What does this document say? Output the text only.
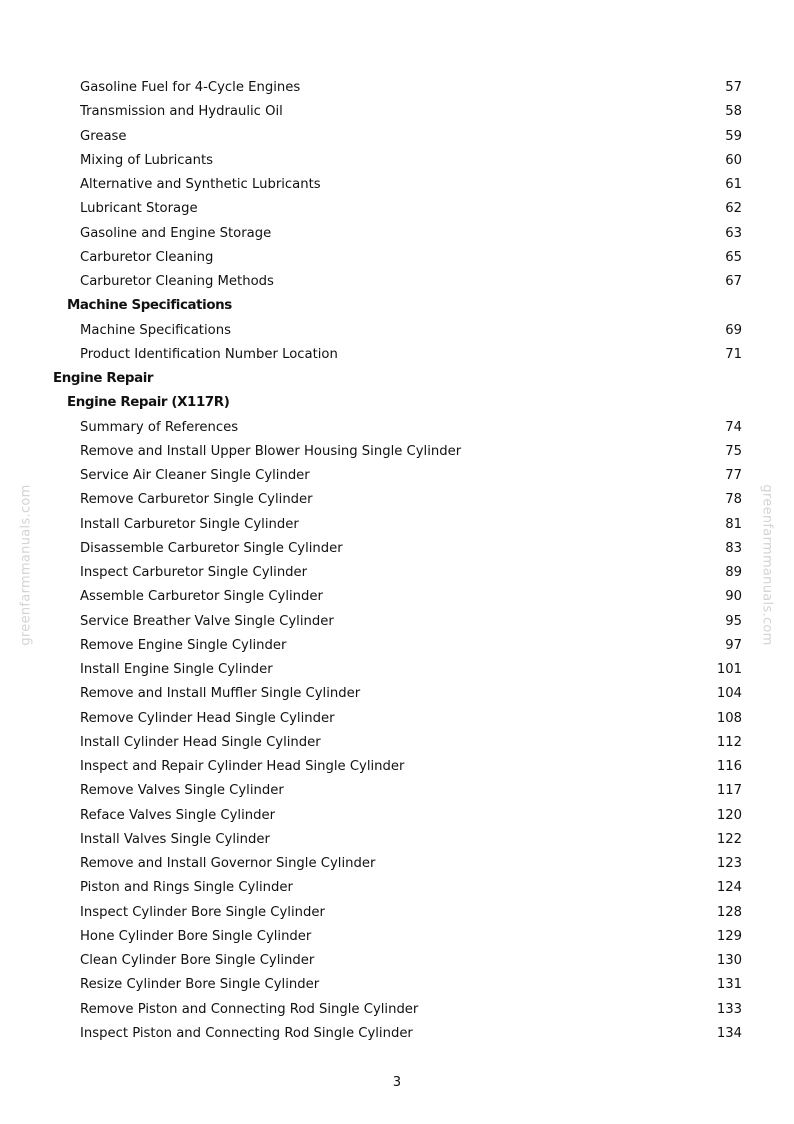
Gasoline Fuel for 4-Cycle Engines	57
Transmission and Hydraulic Oil	58
Grease	59
Mixing of Lubricants	60
Alternative and Synthetic Lubricants	61
Lubricant Storage	62
Gasoline and Engine Storage	63
Carburetor Cleaning	65
Carburetor Cleaning Methods	67
Machine Specifications
Machine Specifications	69
Product Identification Number Location	71
Engine Repair
Engine Repair (X117R)
Summary of References	74
Remove and Install Upper Blower Housing Single Cylinder	75
Service Air Cleaner Single Cylinder	77
Remove Carburetor Single Cylinder	78
Install Carburetor Single Cylinder	81
Disassemble Carburetor Single Cylinder	83
Inspect Carburetor Single Cylinder	89
Assemble Carburetor Single Cylinder	90
Service Breather Valve Single Cylinder	95
Remove Engine Single Cylinder	97
Install Engine Single Cylinder	101
Remove and Install Muffler Single Cylinder	104
Remove Cylinder Head Single Cylinder	108
Install Cylinder Head Single Cylinder	112
Inspect and Repair Cylinder Head Single Cylinder	116
Remove Valves Single Cylinder	117
Reface Valves Single Cylinder	120
Install Valves Single Cylinder	122
Remove and Install Governor Single Cylinder	123
Piston and Rings Single Cylinder	124
Inspect Cylinder Bore Single Cylinder	128
Hone Cylinder Bore Single Cylinder	129
Clean Cylinder Bore Single Cylinder	130
Resize Cylinder Bore Single Cylinder	131
Remove Piston and Connecting Rod Single Cylinder	133
Inspect Piston and Connecting Rod Single Cylinder	134
greenfarmmanuals.com	greenfarmmanuals.com
3
